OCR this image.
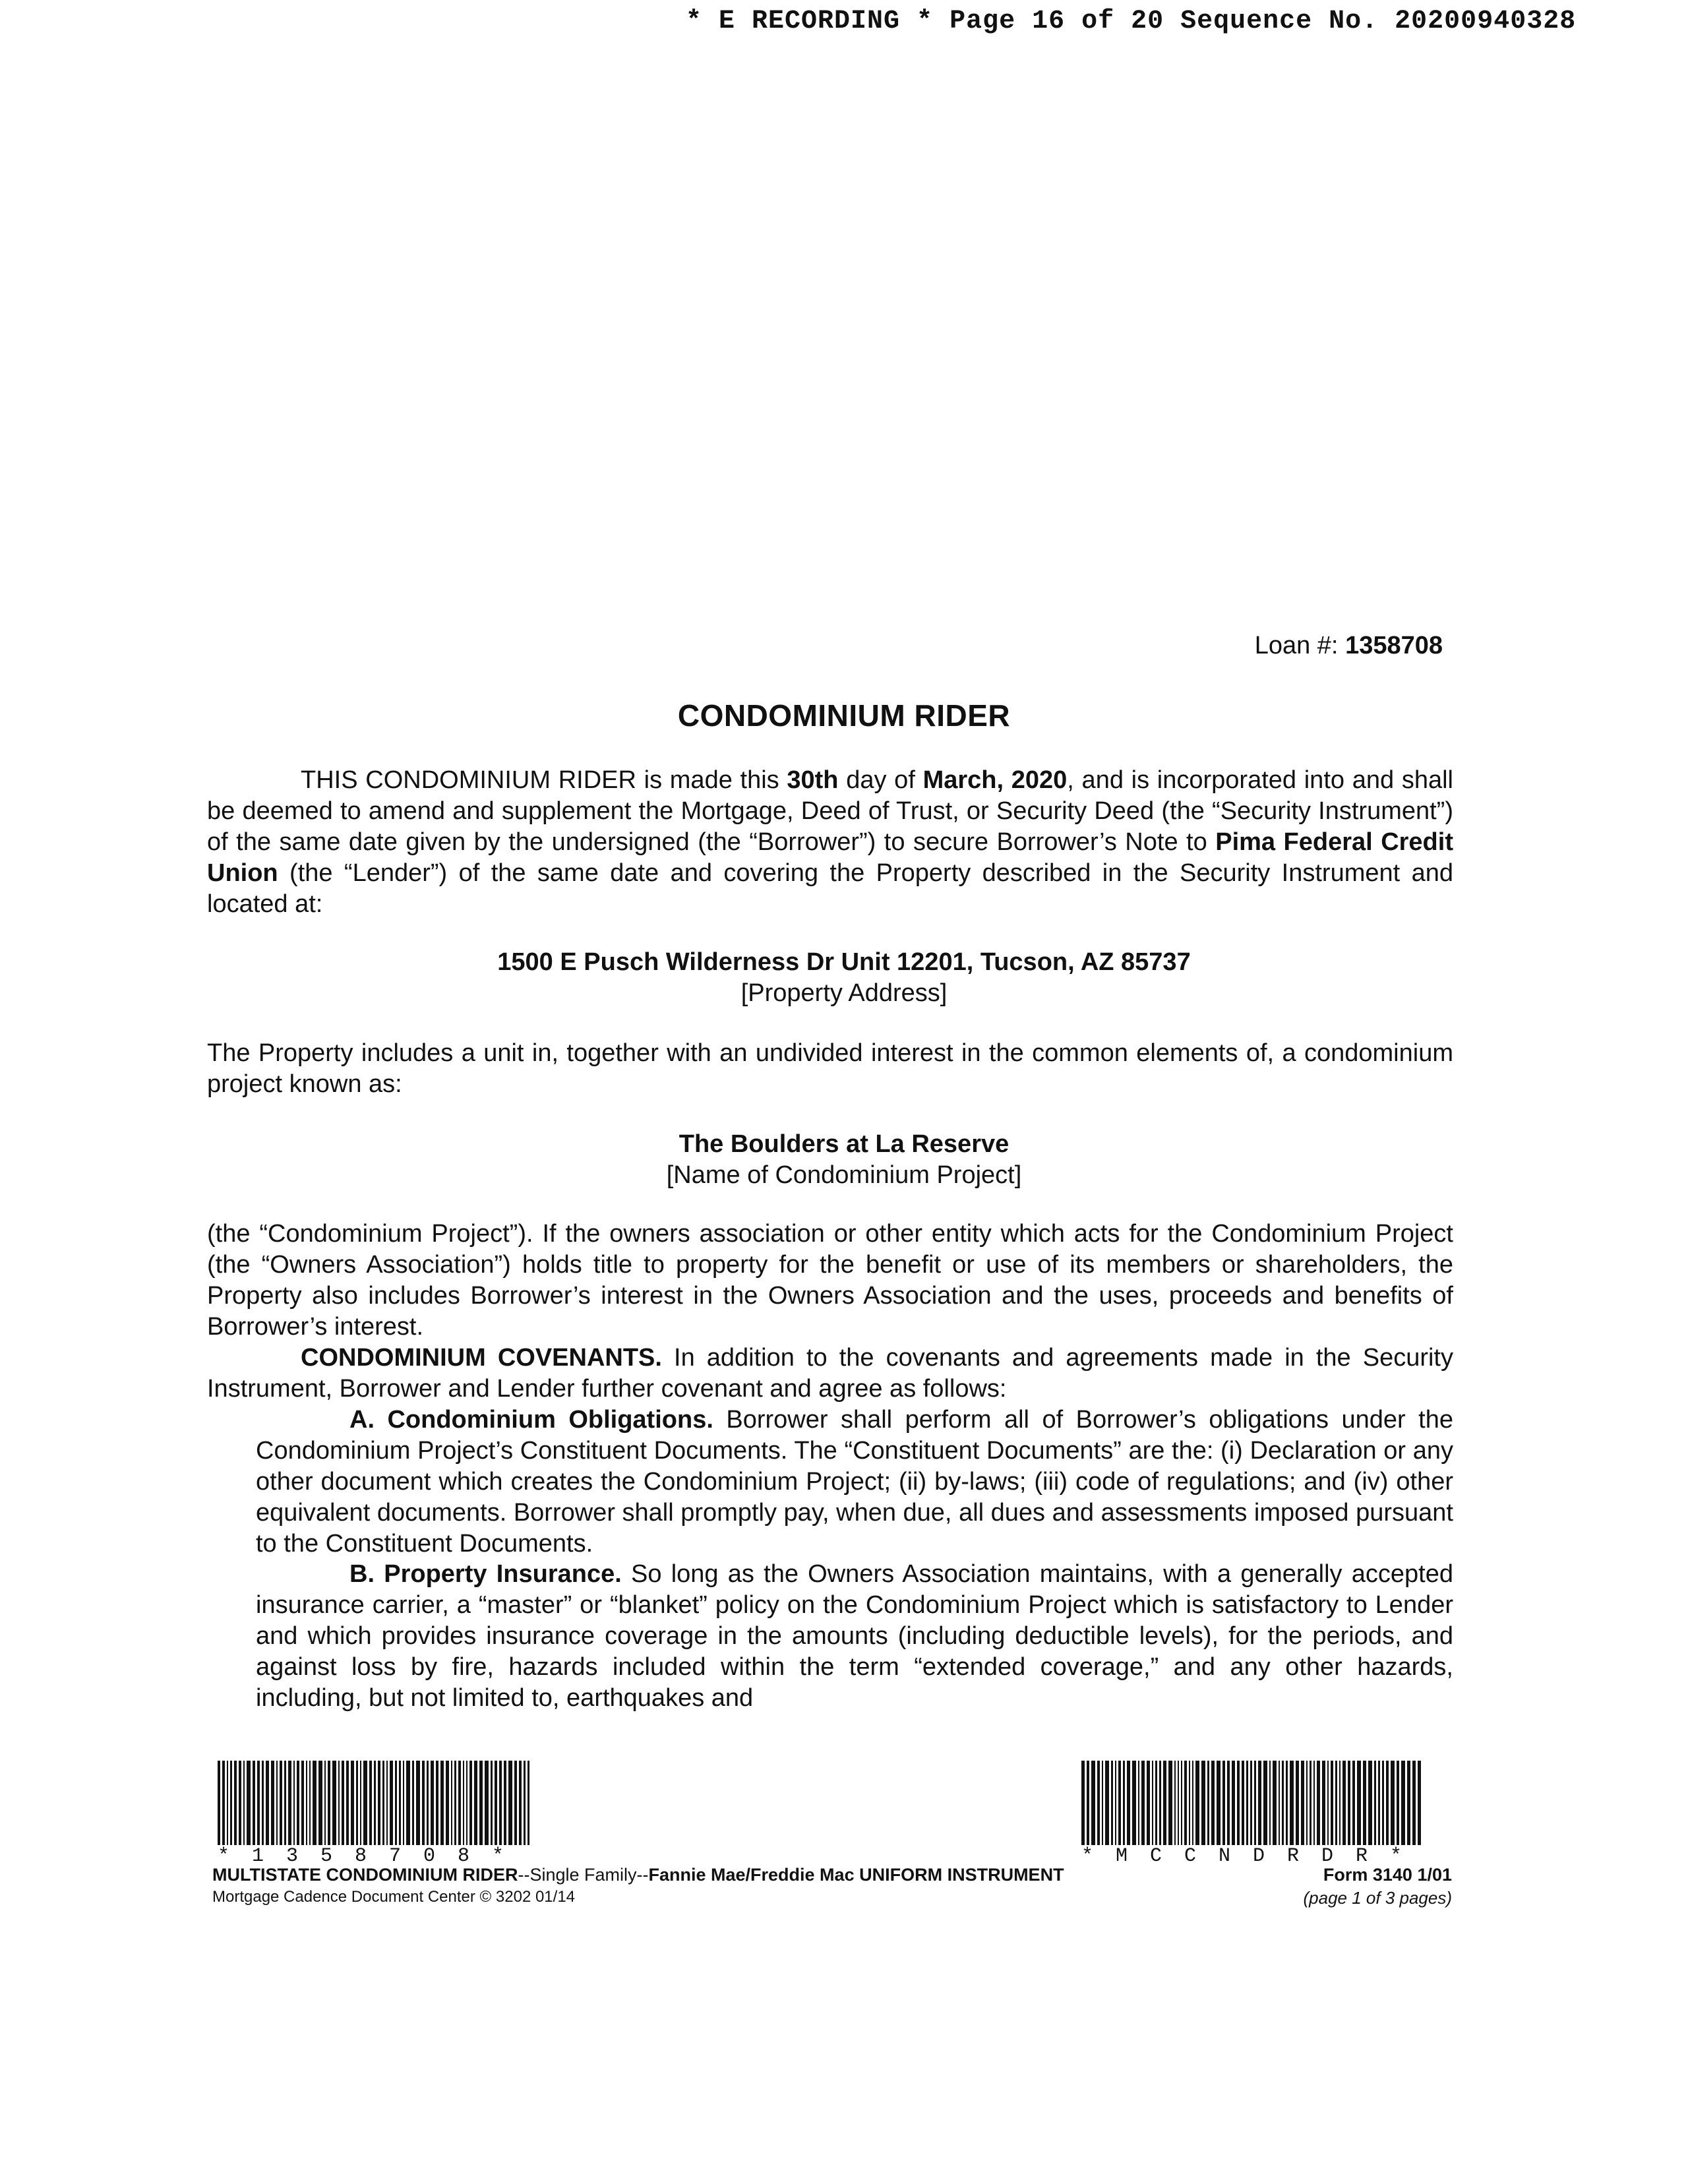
* E RECORDING * Page 16 of 20 Sequence No. 20200940328
Loan #: 1358708
CONDOMINIUM RIDER
THIS CONDOMINIUM RIDER is made this 30th day of March, 2020, and is incorporated into and shall be deemed to amend and supplement the Mortgage, Deed of Trust, or Security Deed (the “Security Instrument”) of the same date given by the undersigned (the “Borrower”) to secure Borrower’s Note to Pima Federal Credit Union (the “Lender”) of the same date and covering the Property described in the Security Instrument and located at:
1500 E Pusch Wilderness Dr Unit 12201, Tucson, AZ 85737
[Property Address]
The Property includes a unit in, together with an undivided interest in the common elements of, a condominium project known as:
The Boulders at La Reserve
[Name of Condominium Project]
(the “Condominium Project”). If the owners association or other entity which acts for the Condominium Project (the “Owners Association”) holds title to property for the benefit or use of its members or shareholders, the Property also includes Borrower’s interest in the Owners Association and the uses, proceeds and benefits of Borrower’s interest.
CONDOMINIUM COVENANTS. In addition to the covenants and agreements made in the Security Instrument, Borrower and Lender further covenant and agree as follows:
A. Condominium Obligations. Borrower shall perform all of Borrower’s obligations under the Condominium Project’s Constituent Documents. The “Constituent Documents” are the: (i) Declaration or any other document which creates the Condominium Project; (ii) by-laws; (iii) code of regulations; and (iv) other equivalent documents. Borrower shall promptly pay, when due, all dues and assessments imposed pursuant to the Constituent Documents.
B. Property Insurance. So long as the Owners Association maintains, with a generally accepted insurance carrier, a “master” or “blanket” policy on the Condominium Project which is satisfactory to Lender and which provides insurance coverage in the amounts (including deductible levels), for the periods, and against loss by fire, hazards included within the term “extended coverage,” and any other hazards, including, but not limited to, earthquakes and
*1358708*	*MCCNDRDR*
MULTISTATE CONDOMINIUM RIDER--Single Family--Fannie Mae/Freddie Mac UNIFORM INSTRUMENT
Mortgage Cadence Document Center © 3202 01/14
Form 3140 1/01
(page 1 of 3 pages)
